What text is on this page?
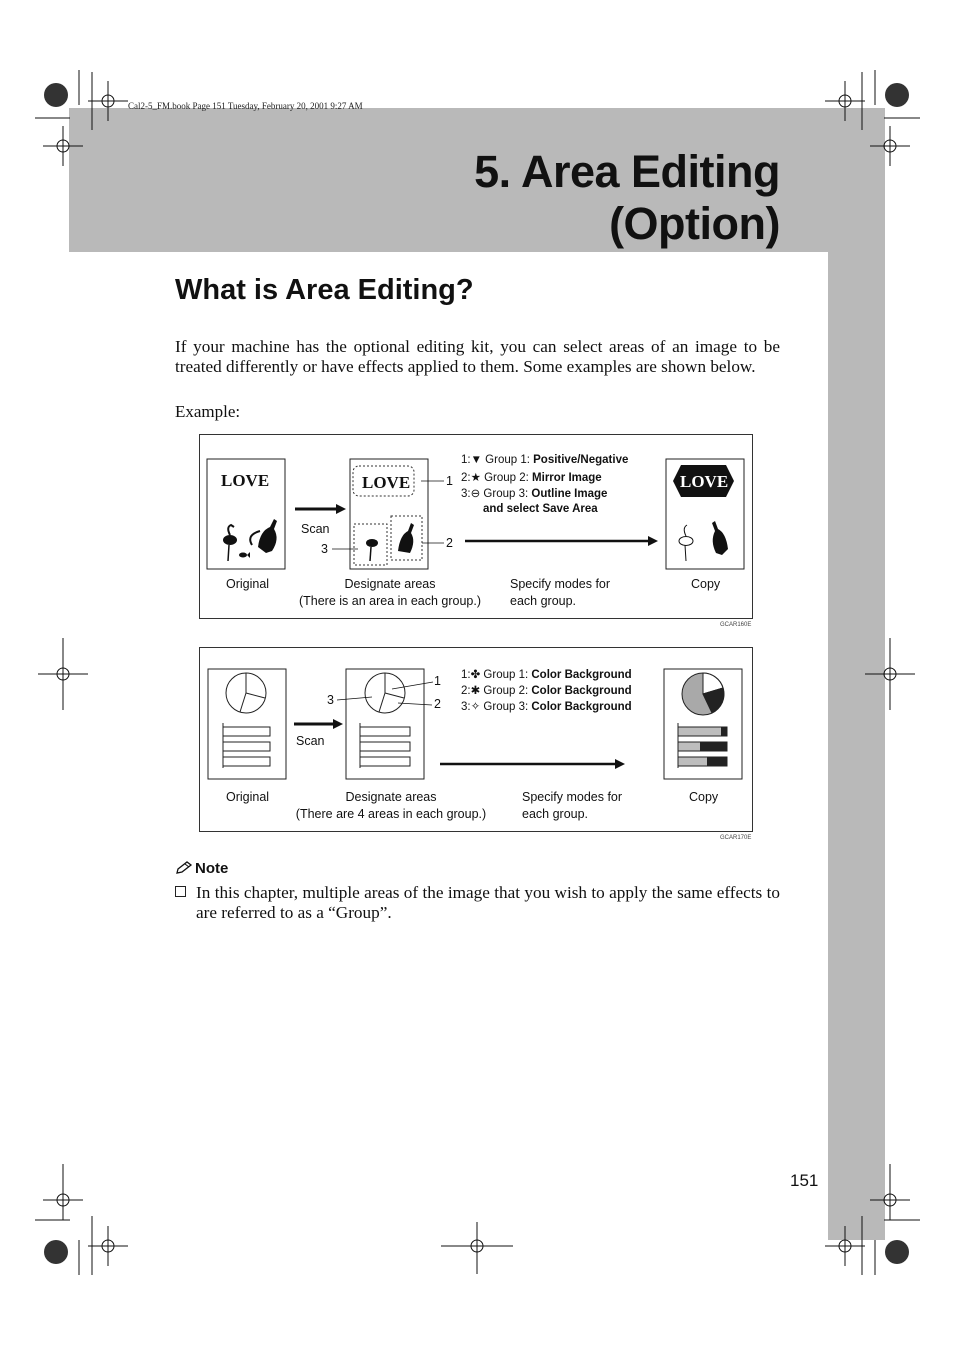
Cal2-5_FM.book Page 151 Tuesday, February 20, 2001 9:27 AM
5. Area Editing (Option)
What is Area Editing?
If your machine has the optional editing kit, you can select areas of an image to be treated differently or have effects applied to them. Some examples are shown below.
Example:
LOVE	LOVE	LOVE
Scan
1
2
3
1:▼ Group 1: Positive/Negative
2:★ Group 2: Mirror Image
3:⊖ Group 3: Outline Image
and select Save Area
Original	Designate areas
(There is an area in each group.)
Specify modes for
each group.
Copy
GCAR160E
Scan
1
2
3
1:✤ Group 1: Color Background
2:✱ Group 2: Color Background
3:✧ Group 3: Color Background
Original	Designate areas
(There are 4 areas in each group.)
Specify modes for
each group.
Copy
GCAR170E
Note
In this chapter, multiple areas of the image that you wish to apply the same effects to are referred to as a “Group”.
151
